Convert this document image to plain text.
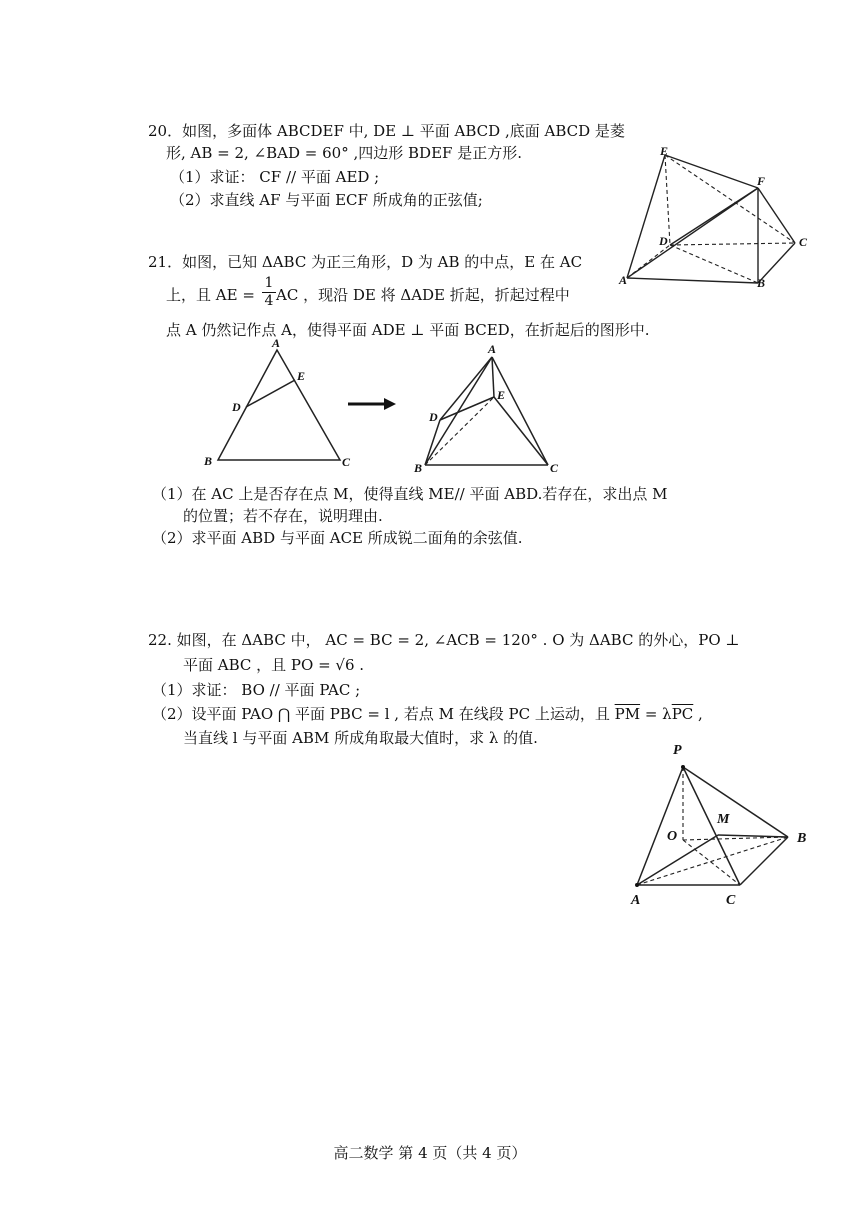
20．如图，多面体 ABCDEF 中, DE ⊥ 平面 ABCD ,底面 ABCD 是菱
形, AB = 2, ∠BAD = 60° ,四边形 BDEF 是正方形.
（1）求证： CF // 平面 AED ;
（2）求直线 AF 与平面 ECF 所成角的正弦值;
E
F
D	C
A	B
21．如图，已知 ΔABC 为正三角形，D 为 AB 的中点，E 在 AC
上，且 AE = $\frac{1}{4}$ AC ，现沿 DE 将 ΔADE 折起，折起过程中
点 A 仍然记作点 A，使得平面 ADE ⊥ 平面 BCED，在折起后的图形中.
A
E
D
B	C
A
E
D
B	C
（1）在 AC 上是否存在点 M，使得直线 ME// 平面 ABD.若存在，求出点 M
的位置；若不存在，说明理由.
（2）求平面 ABD 与平面 ACE 所成锐二面角的余弦值.
22. 如图，在 ΔABC 中， AC = BC = 2, ∠ACB = 120° . O 为 ΔABC 的外心，PO ⊥
平面 ABC ，且 PO = √6 .
（1）求证： BO // 平面 PAC ;
（2）设平面 PAO ⋂ 平面 PBC = l , 若点 M 在线段 PC 上运动，且 $\overline{PM} = \lambda\overline{PC}$ ,
当直线 l 与平面 ABM 所成角取最大值时，求 λ 的值.
P
M
O	B
A	C
高二数学 第 4 页（共 4 页）
